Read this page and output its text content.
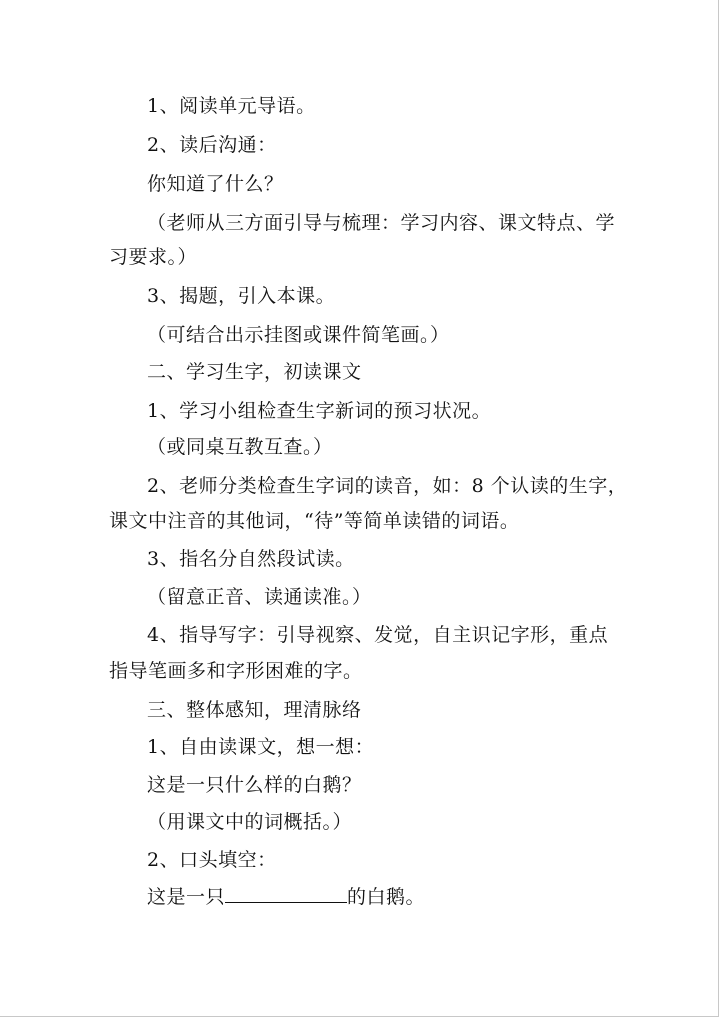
1、阅读单元导语。
2、读后沟通：
你知道了什么？
（老师从三方面引导与梳理：学习内容、课文特点、学
习要求。）
3、揭题，引入本课。
（可结合出示挂图或课件简笔画。）
二、学习生字，初读课文
1、学习小组检查生字新词的预习状况。
（或同桌互教互查。）
2、老师分类检查生字词的读音，如：8 个认读的生字，
课文中注音的其他词，“待”等简单读错的词语。
3、指名分自然段试读。
（留意正音、读通读准。）
4、指导写字：引导视察、发觉，自主识记字形，重点
指导笔画多和字形困难的字。
三、整体感知，理清脉络
1、自由读课文，想一想：
这是一只什么样的白鹅？
（用课文中的词概括。）
2、口头填空：
这是一只	的白鹅。
